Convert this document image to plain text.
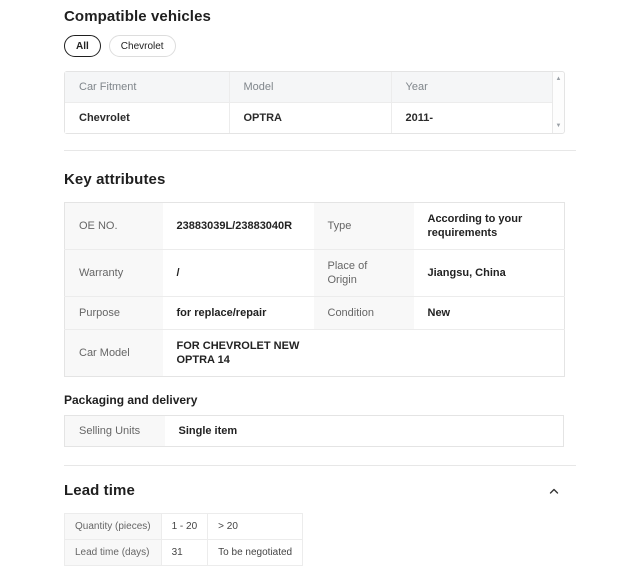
Compatible vehicles
All	Chevrolet
Car Fitment	Model	Year
Chevrolet	OPTRA	2011-
▲
▼
Key attributes
OE NO.	23883039L/23883040R	Type	According to your requirements
Warranty	/	Place of Origin	Jiangsu, China
Purpose	for replace/repair	Condition	New
Car Model	FOR CHEVROLET NEW OPTRA 14		
Packaging and delivery
Selling Units	Single item
Lead time
Quantity (pieces)	1 - 20	> 20
Lead time (days)	31	To be negotiated
